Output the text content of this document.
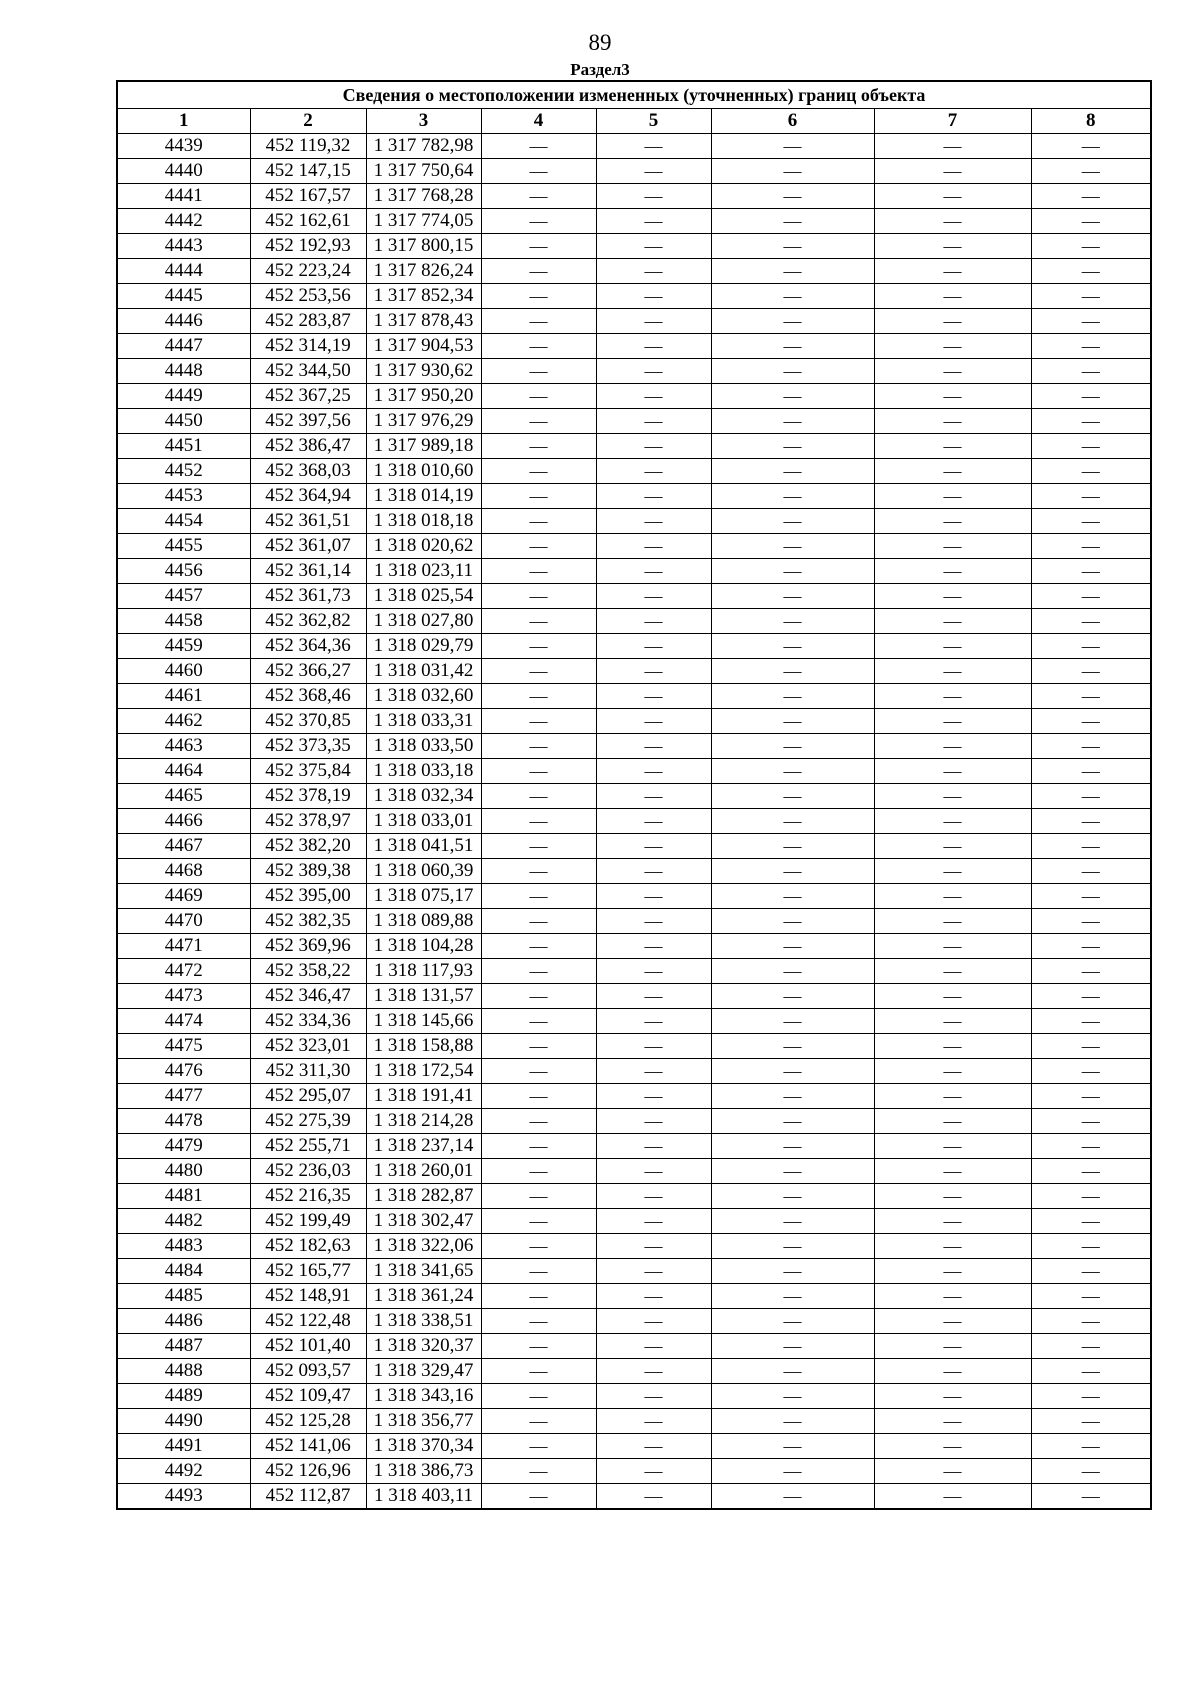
89
Раздел3
Сведения о местоположении измененных (уточненных) границ объекта							
1	2	3	4	5	6	7	8
4439	452 119,32	1 317 782,98	—	—	—	—	—
4440	452 147,15	1 317 750,64	—	—	—	—	—
4441	452 167,57	1 317 768,28	—	—	—	—	—
4442	452 162,61	1 317 774,05	—	—	—	—	—
4443	452 192,93	1 317 800,15	—	—	—	—	—
4444	452 223,24	1 317 826,24	—	—	—	—	—
4445	452 253,56	1 317 852,34	—	—	—	—	—
4446	452 283,87	1 317 878,43	—	—	—	—	—
4447	452 314,19	1 317 904,53	—	—	—	—	—
4448	452 344,50	1 317 930,62	—	—	—	—	—
4449	452 367,25	1 317 950,20	—	—	—	—	—
4450	452 397,56	1 317 976,29	—	—	—	—	—
4451	452 386,47	1 317 989,18	—	—	—	—	—
4452	452 368,03	1 318 010,60	—	—	—	—	—
4453	452 364,94	1 318 014,19	—	—	—	—	—
4454	452 361,51	1 318 018,18	—	—	—	—	—
4455	452 361,07	1 318 020,62	—	—	—	—	—
4456	452 361,14	1 318 023,11	—	—	—	—	—
4457	452 361,73	1 318 025,54	—	—	—	—	—
4458	452 362,82	1 318 027,80	—	—	—	—	—
4459	452 364,36	1 318 029,79	—	—	—	—	—
4460	452 366,27	1 318 031,42	—	—	—	—	—
4461	452 368,46	1 318 032,60	—	—	—	—	—
4462	452 370,85	1 318 033,31	—	—	—	—	—
4463	452 373,35	1 318 033,50	—	—	—	—	—
4464	452 375,84	1 318 033,18	—	—	—	—	—
4465	452 378,19	1 318 032,34	—	—	—	—	—
4466	452 378,97	1 318 033,01	—	—	—	—	—
4467	452 382,20	1 318 041,51	—	—	—	—	—
4468	452 389,38	1 318 060,39	—	—	—	—	—
4469	452 395,00	1 318 075,17	—	—	—	—	—
4470	452 382,35	1 318 089,88	—	—	—	—	—
4471	452 369,96	1 318 104,28	—	—	—	—	—
4472	452 358,22	1 318 117,93	—	—	—	—	—
4473	452 346,47	1 318 131,57	—	—	—	—	—
4474	452 334,36	1 318 145,66	—	—	—	—	—
4475	452 323,01	1 318 158,88	—	—	—	—	—
4476	452 311,30	1 318 172,54	—	—	—	—	—
4477	452 295,07	1 318 191,41	—	—	—	—	—
4478	452 275,39	1 318 214,28	—	—	—	—	—
4479	452 255,71	1 318 237,14	—	—	—	—	—
4480	452 236,03	1 318 260,01	—	—	—	—	—
4481	452 216,35	1 318 282,87	—	—	—	—	—
4482	452 199,49	1 318 302,47	—	—	—	—	—
4483	452 182,63	1 318 322,06	—	—	—	—	—
4484	452 165,77	1 318 341,65	—	—	—	—	—
4485	452 148,91	1 318 361,24	—	—	—	—	—
4486	452 122,48	1 318 338,51	—	—	—	—	—
4487	452 101,40	1 318 320,37	—	—	—	—	—
4488	452 093,57	1 318 329,47	—	—	—	—	—
4489	452 109,47	1 318 343,16	—	—	—	—	—
4490	452 125,28	1 318 356,77	—	—	—	—	—
4491	452 141,06	1 318 370,34	—	—	—	—	—
4492	452 126,96	1 318 386,73	—	—	—	—	—
4493	452 112,87	1 318 403,11	—	—	—	—	—
